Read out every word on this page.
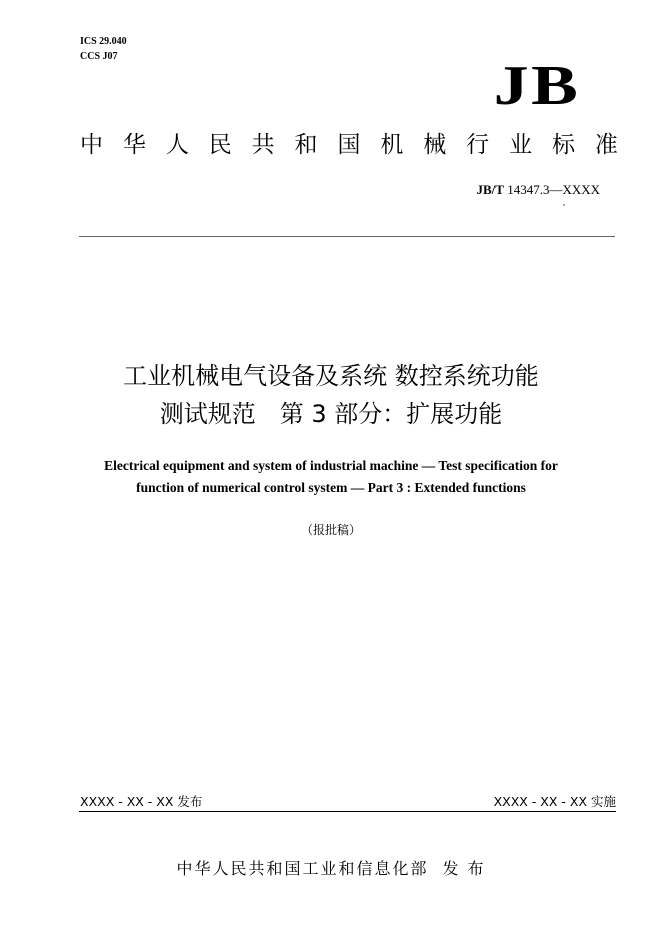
ICS 29.040
CCS J07	JB
中 华 人 民 共 和 国 机 械 行 业 标 准
JB/T 14347.3—XXXX
工业机械电气设备及系统 数控系统功能
测试规范　第 3 部分：扩展功能
Electrical equipment and system of industrial machine — Test specification for
function of numerical control system — Part 3 : Extended functions
（报批稿）
XXXX - XX - XX 发布	XXXX - XX - XX 实施
中华人民共和国工业和信息化部 发 布
